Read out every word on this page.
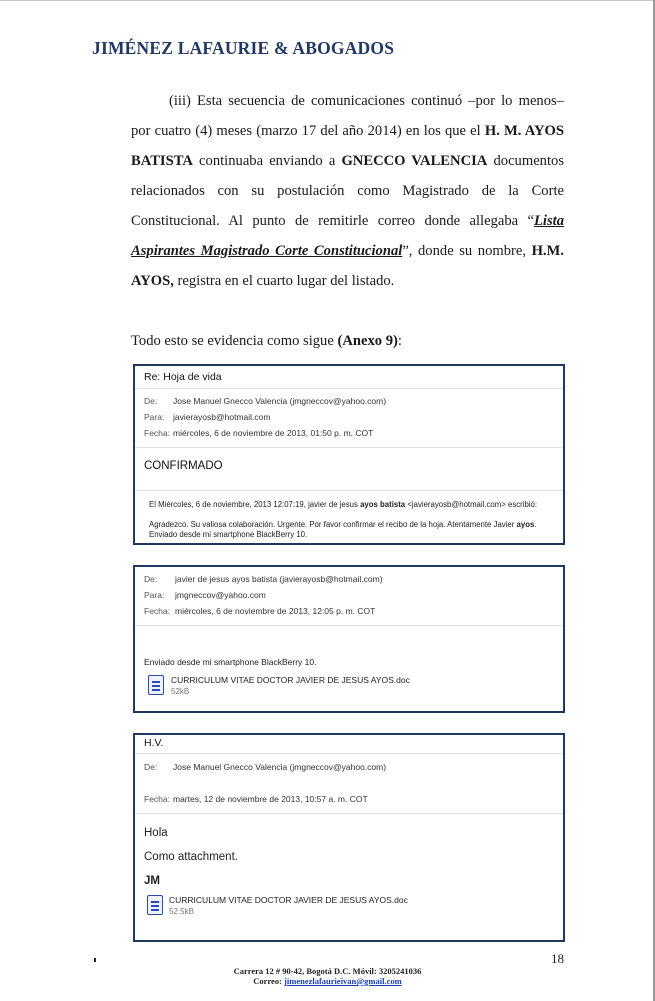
JIMÉNEZ LAFAURIE & ABOGADOS

(iii) Esta secuencia de comunicaciones continuó –por lo menos– por cuatro (4) meses (marzo 17 del año 2014) en los que el H. M. AYOS BATISTA continuaba enviando a GNECCO VALENCIA documentos relacionados con su postulación como Magistrado de la Corte Constitucional. Al punto de remitirle correo donde allegaba “Lista Aspirantes Magistrado Corte Constitucional”, donde su nombre, H.M. AYOS, registra en el cuarto lugar del listado.

Todo esto se evidencia como sigue (Anexo 9):
Re: Hoja de vida
De: Jose Manuel Gnecco Valencia (jmgneccov@yahoo.com)
Para: javierayosb@hotmail.com
Fecha: miércoles, 6 de noviembre de 2013, 01:50 p. m. COT
CONFIRMADO
El Miércoles, 6 de noviembre, 2013 12:07:19, javier de jesus ayos batista <javierayosb@hotmail.com> escribió:
Agradezco. Su valiosa colaboración. Urgente. Por favor confirmar el recibo de la hoja. Atentamente Javier ayos.
Enviado desde mi smartphone BlackBerry 10.
De: javier de jesus ayos batista (javierayosb@hotmail.com)
Para: jmgneccov@yahoo.com
Fecha: miércoles, 6 de noviembre de 2013, 12:05 p. m. COT
Enviado desde mi smartphone BlackBerry 10.
CURRICULUM VITAE DOCTOR JAVIER DE JESUS AYOS.doc
52kB
H.V.
De: Jose Manuel Gnecco Valencia (jmgneccov@yahoo.com)
Fecha: martes, 12 de noviembre de 2013, 10:57 a. m. COT
Hola
Como attachment.
JM
CURRICULUM VITAE DOCTOR JAVIER DE JESUS AYOS.doc
52.5kB
18
Carrera 12 # 90-42, Bogotá D.C. Móvil: 3205241036
Correo: jimenezlafaurieivan@gmail.com
